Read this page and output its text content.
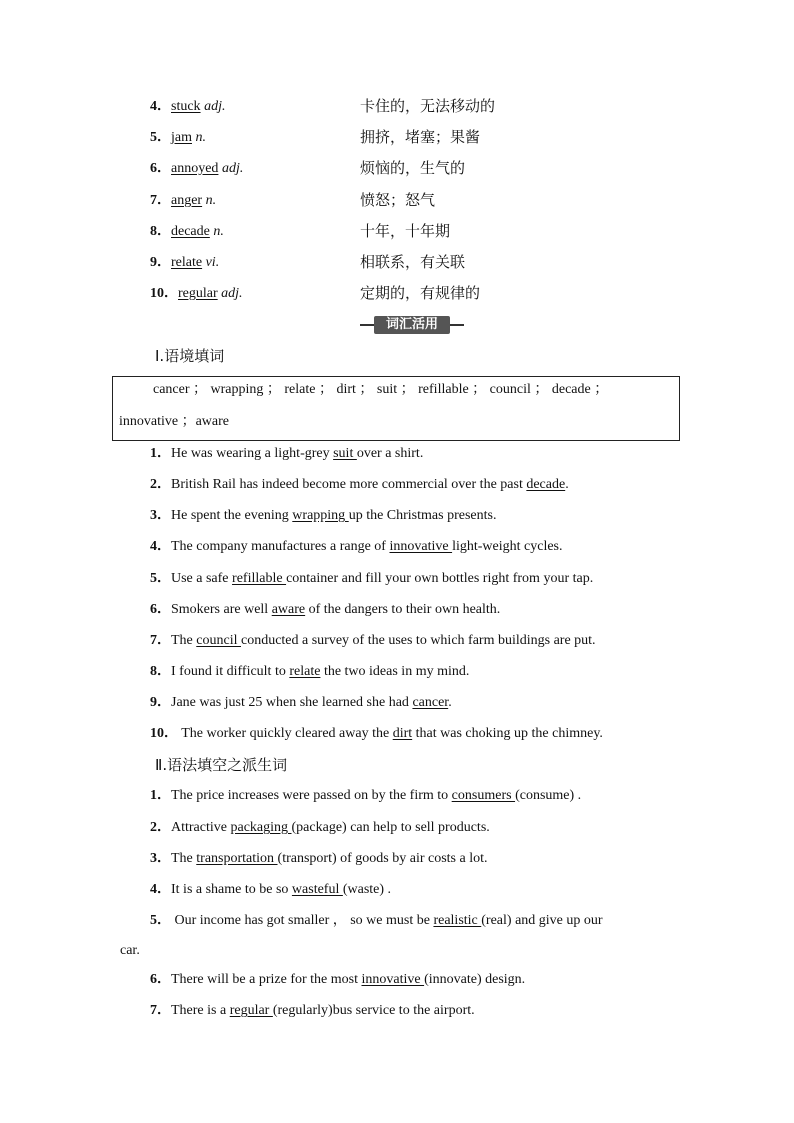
4．stuck adj.	卡住的，无法移动的
5．jam n.	拥挤，堵塞；果酱
6．annoyed adj.	烦恼的，生气的
7．anger n.	愤怒；怒气
8．decade n.	十年，十年期
9．relate vi.	相联系，有关联
10．regular adj.	定期的，有规律的
词汇活用
Ⅰ.语境填词
cancer ； wrapping ； relate ； dirt ； suit ； refillable ； council ； decade ；
innovative ；aware
1．He was wearing a light-grey suit over a shirt.
2．British Rail has indeed become more commercial over the past decade.
3．He spent the evening wrapping up the Christmas presents.
4．The company manufactures a range of innovative light-weight cycles.
5．Use a safe refillable container and fill your own bottles right from your tap.
6．Smokers are well aware of the dangers to their own health.
7．The council conducted a survey of the uses to which farm buildings are put.
8．I found it difficult to relate the two ideas in my mind.
9．Jane was just 25 when she learned she had cancer.
10． The worker quickly cleared away the dirt that was choking up the chimney.
Ⅱ.语法填空之派生词
1．The price increases were passed on by the firm to consumers (consume) .
2．Attractive packaging (package) can help to sell products.
3．The transportation (transport) of goods by air costs a lot.
4．It is a shame to be so wasteful (waste) .
5． Our income has got smaller ， so we must be realistic (real) and give up our
car.
6．There will be a prize for the most innovative (innovate) design.
7．There is a regular (regularly)bus service to the airport.
